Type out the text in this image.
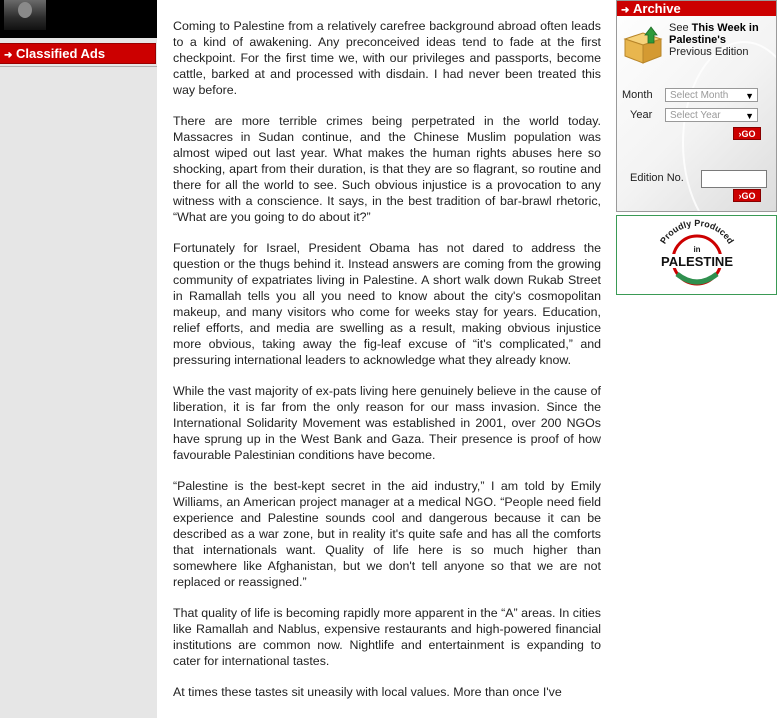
➜ Classified Ads

Coming to Palestine from a relatively carefree background abroad often leads to a kind of awakening. Any preconceived ideas tend to fade at the first checkpoint. For the first time we, with our privileges and passports, become cattle, barked at and processed with disdain. I had never been treated this way before.

There are more terrible crimes being perpetrated in the world today. Massacres in Sudan continue, and the Chinese Muslim population was almost wiped out last year. What makes the human rights abuses here so shocking, apart from their duration, is that they are so flagrant, so routine and there for all the world to see. Such obvious injustice is a provocation to any witness with a conscience. It says, in the best tradition of bar-brawl rhetoric, “What are you going to do about it?”

Fortunately for Israel, President Obama has not dared to address the question or the thugs behind it. Instead answers are coming from the growing community of expatriates living in Palestine. A short walk down Rukab Street in Ramallah tells you all you need to know about the city's cosmopolitan makeup, and many visitors who come for weeks stay for years. Education, relief efforts, and media are swelling as a result, making obvious injustice more obvious, taking away the fig-leaf excuse of “it's complicated,” and pressuring international leaders to acknowledge what they already know.

While the vast majority of ex-pats living here genuinely believe in the cause of liberation, it is far from the only reason for our mass invasion. Since the International Solidarity Movement was established in 2001, over 200 NGOs have sprung up in the West Bank and Gaza. Their presence is proof of how favourable Palestinian conditions have become.

“Palestine is the best-kept secret in the aid industry,” I am told by Emily Williams, an American project manager at a medical NGO. “People need field experience and Palestine sounds cool and dangerous because it can be described as a war zone, but in reality it's quite safe and has all the comforts that internationals want. Quality of life here is so much higher than somewhere like Afghanistan, but we don't tell anyone so that we are not replaced or reassigned.”

That quality of life is becoming rapidly more apparent in the “A” areas. In cities like Ramallah and Nablus, expensive restaurants and high-powered financial institutions are common now. Nightlife and entertainment is expanding to cater for international tastes.

At times these tastes sit uneasily with local values. More than once I've

➜ Archive
See This Week in Palestine's
Previous Edition
Month	Select Month ▼
Year	Select Year	▼
›GO
Edition No.
›GO
Proudly Produced
in
PALESTINE
